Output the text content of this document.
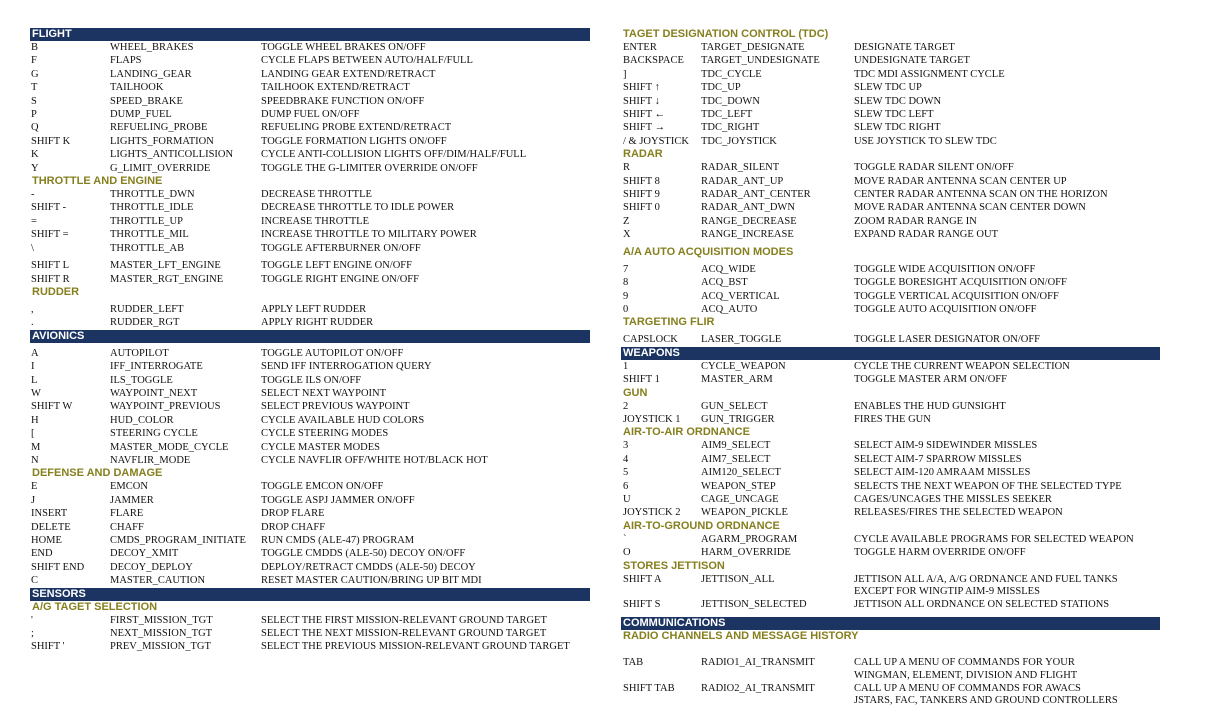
FLIGHT
B	WHEEL_BRAKES	TOGGLE WHEEL BRAKES ON/OFF
F	FLAPS	CYCLE FLAPS BETWEEN AUTO/HALF/FULL
G	LANDING_GEAR	LANDING GEAR EXTEND/RETRACT
T	TAILHOOK	TAILHOOK EXTEND/RETRACT
S	SPEED_BRAKE	SPEEDBRAKE FUNCTION ON/OFF
P	DUMP_FUEL	DUMP FUEL ON/OFF
Q	REFUELING_PROBE	REFUELING PROBE EXTEND/RETRACT
SHIFT K	LIGHTS_FORMATION	TOGGLE FORMATION LIGHTS ON/OFF
K	LIGHTS_ANTICOLLISION	CYCLE ANTI-COLLISION LIGHTS OFF/DIM/HALF/FULL
Y	G_LIMIT_OVERRIDE	TOGGLE THE G-LIMITER OVERRIDE ON/OFF
THROTTLE AND ENGINE
-	THROTTLE_DWN	DECREASE THROTTLE
SHIFT -	THROTTLE_IDLE	DECREASE THROTTLE TO IDLE POWER
=	THROTTLE_UP	INCREASE THROTTLE
SHIFT =	THROTTLE_MIL	INCREASE THROTTLE TO MILITARY POWER
\	THROTTLE_AB	TOGGLE AFTERBURNER ON/OFF
SHIFT L	MASTER_LFT_ENGINE	TOGGLE LEFT ENGINE ON/OFF
SHIFT R	MASTER_RGT_ENGINE	TOGGLE RIGHT ENGINE ON/OFF
RUDDER
,	RUDDER_LEFT	APPLY LEFT RUDDER
.	RUDDER_RGT	APPLY RIGHT RUDDER
AVIONICS
A	AUTOPILOT	TOGGLE AUTOPILOT ON/OFF
I	IFF_INTERROGATE	SEND IFF INTERROGATION QUERY
L	ILS_TOGGLE	TOGGLE ILS ON/OFF
W	WAYPOINT_NEXT	SELECT NEXT WAYPOINT
SHIFT W	WAYPOINT_PREVIOUS	SELECT PREVIOUS WAYPOINT
H	HUD_COLOR	CYCLE AVAILABLE HUD COLORS
[	STEERING CYCLE	CYCLE STEERING MODES
M	MASTER_MODE_CYCLE	CYCLE MASTER MODES
N	NAVFLIR_MODE	CYCLE NAVFLIR OFF/WHITE HOT/BLACK HOT
DEFENSE AND DAMAGE
E	EMCON	TOGGLE EMCON ON/OFF
J	JAMMER	TOGGLE ASPJ JAMMER ON/OFF
INSERT	FLARE	DROP FLARE
DELETE	CHAFF	DROP CHAFF
HOME	CMDS_PROGRAM_INITIATE	RUN CMDS (ALE-47) PROGRAM
END	DECOY_XMIT	TOGGLE CMDDS (ALE-50) DECOY ON/OFF
SHIFT END	DECOY_DEPLOY	DEPLOY/RETRACT CMDDS (ALE-50) DECOY
C	MASTER_CAUTION	RESET MASTER CAUTION/BRING UP BIT MDI
SENSORS
A/G TAGET SELECTION
'	FIRST_MISSION_TGT	SELECT THE FIRST MISSION-RELEVANT GROUND TARGET
;	NEXT_MISSION_TGT	SELECT THE NEXT MISSION-RELEVANT GROUND TARGET
SHIFT '	PREV_MISSION_TGT	SELECT THE PREVIOUS MISSION-RELEVANT GROUND TARGET
TAGET DESIGNATION CONTROL (TDC)
ENTER	TARGET_DESIGNATE	DESIGNATE TARGET
BACKSPACE	TARGET_UNDESIGNATE	UNDESIGNATE TARGET
]	TDC_CYCLE	TDC MDI ASSIGNMENT CYCLE
SHIFT ↑	TDC_UP	SLEW TDC UP
SHIFT ↓	TDC_DOWN	SLEW TDC DOWN
SHIFT ←	TDC_LEFT	SLEW TDC LEFT
SHIFT →	TDC_RIGHT	SLEW TDC RIGHT
/ & JOYSTICK	TDC_JOYSTICK	USE JOYSTICK TO SLEW TDC
RADAR
R	RADAR_SILENT	TOGGLE RADAR SILENT ON/OFF
SHIFT 8	RADAR_ANT_UP	MOVE RADAR ANTENNA SCAN CENTER UP
SHIFT 9	RADAR_ANT_CENTER	CENTER RADAR ANTENNA SCAN ON THE HORIZON
SHIFT 0	RADAR_ANT_DWN	MOVE RADAR ANTENNA SCAN CENTER DOWN
Z	RANGE_DECREASE	ZOOM RADAR RANGE IN
X	RANGE_INCREASE	EXPAND RADAR RANGE OUT
A/A AUTO ACQUISITION MODES
7	ACQ_WIDE	TOGGLE WIDE ACQUISITION ON/OFF
8	ACQ_BST	TOGGLE BORESIGHT ACQUISITION ON/OFF
9	ACQ_VERTICAL	TOGGLE VERTICAL ACQUISITION ON/OFF
0	ACQ_AUTO	TOGGLE AUTO ACQUISITION ON/OFF
TARGETING FLIR
CAPSLOCK	LASER_TOGGLE	TOGGLE LASER DESIGNATOR ON/OFF
WEAPONS
1	CYCLE_WEAPON	CYCLE THE CURRENT WEAPON SELECTION
SHIFT 1	MASTER_ARM	TOGGLE MASTER ARM ON/OFF
GUN
2	GUN_SELECT	ENABLES THE HUD GUNSIGHT
JOYSTICK 1	GUN_TRIGGER	FIRES THE GUN
AIR-TO-AIR ORDNANCE
3	AIM9_SELECT	SELECT AIM-9 SIDEWINDER MISSLES
4	AIM7_SELECT	SELECT AIM-7 SPARROW MISSLES
5	AIM120_SELECT	SELECT AIM-120 AMRAAM MISSLES
6	WEAPON_STEP	SELECTS THE NEXT WEAPON OF THE SELECTED TYPE
U	CAGE_UNCAGE	CAGES/UNCAGES THE MISSLES SEEKER
JOYSTICK 2	WEAPON_PICKLE	RELEASES/FIRES THE SELECTED WEAPON
AIR-TO-GROUND ORDNANCE
`	AGARM_PROGRAM	CYCLE AVAILABLE PROGRAMS FOR SELECTED WEAPON
O	HARM_OVERRIDE	TOGGLE HARM OVERRIDE ON/OFF
STORES JETTISON
SHIFT A	JETTISON_ALL	JETTISON ALL A/A, A/G ORDNANCE AND FUEL TANKS
EXCEPT FOR WINGTIP AIM-9 MISSLES
SHIFT S	JETTISON_SELECTED	JETTISON ALL ORDNANCE ON SELECTED STATIONS
COMMUNICATIONS
RADIO CHANNELS AND MESSAGE HISTORY
TAB	RADIO1_AI_TRANSMIT	CALL UP A MENU OF COMMANDS FOR YOUR
WINGMAN, ELEMENT, DIVISION AND FLIGHT
SHIFT TAB	RADIO2_AI_TRANSMIT	CALL UP A MENU OF COMMANDS FOR AWACS
JSTARS, FAC, TANKERS AND GROUND CONTROLLERS
